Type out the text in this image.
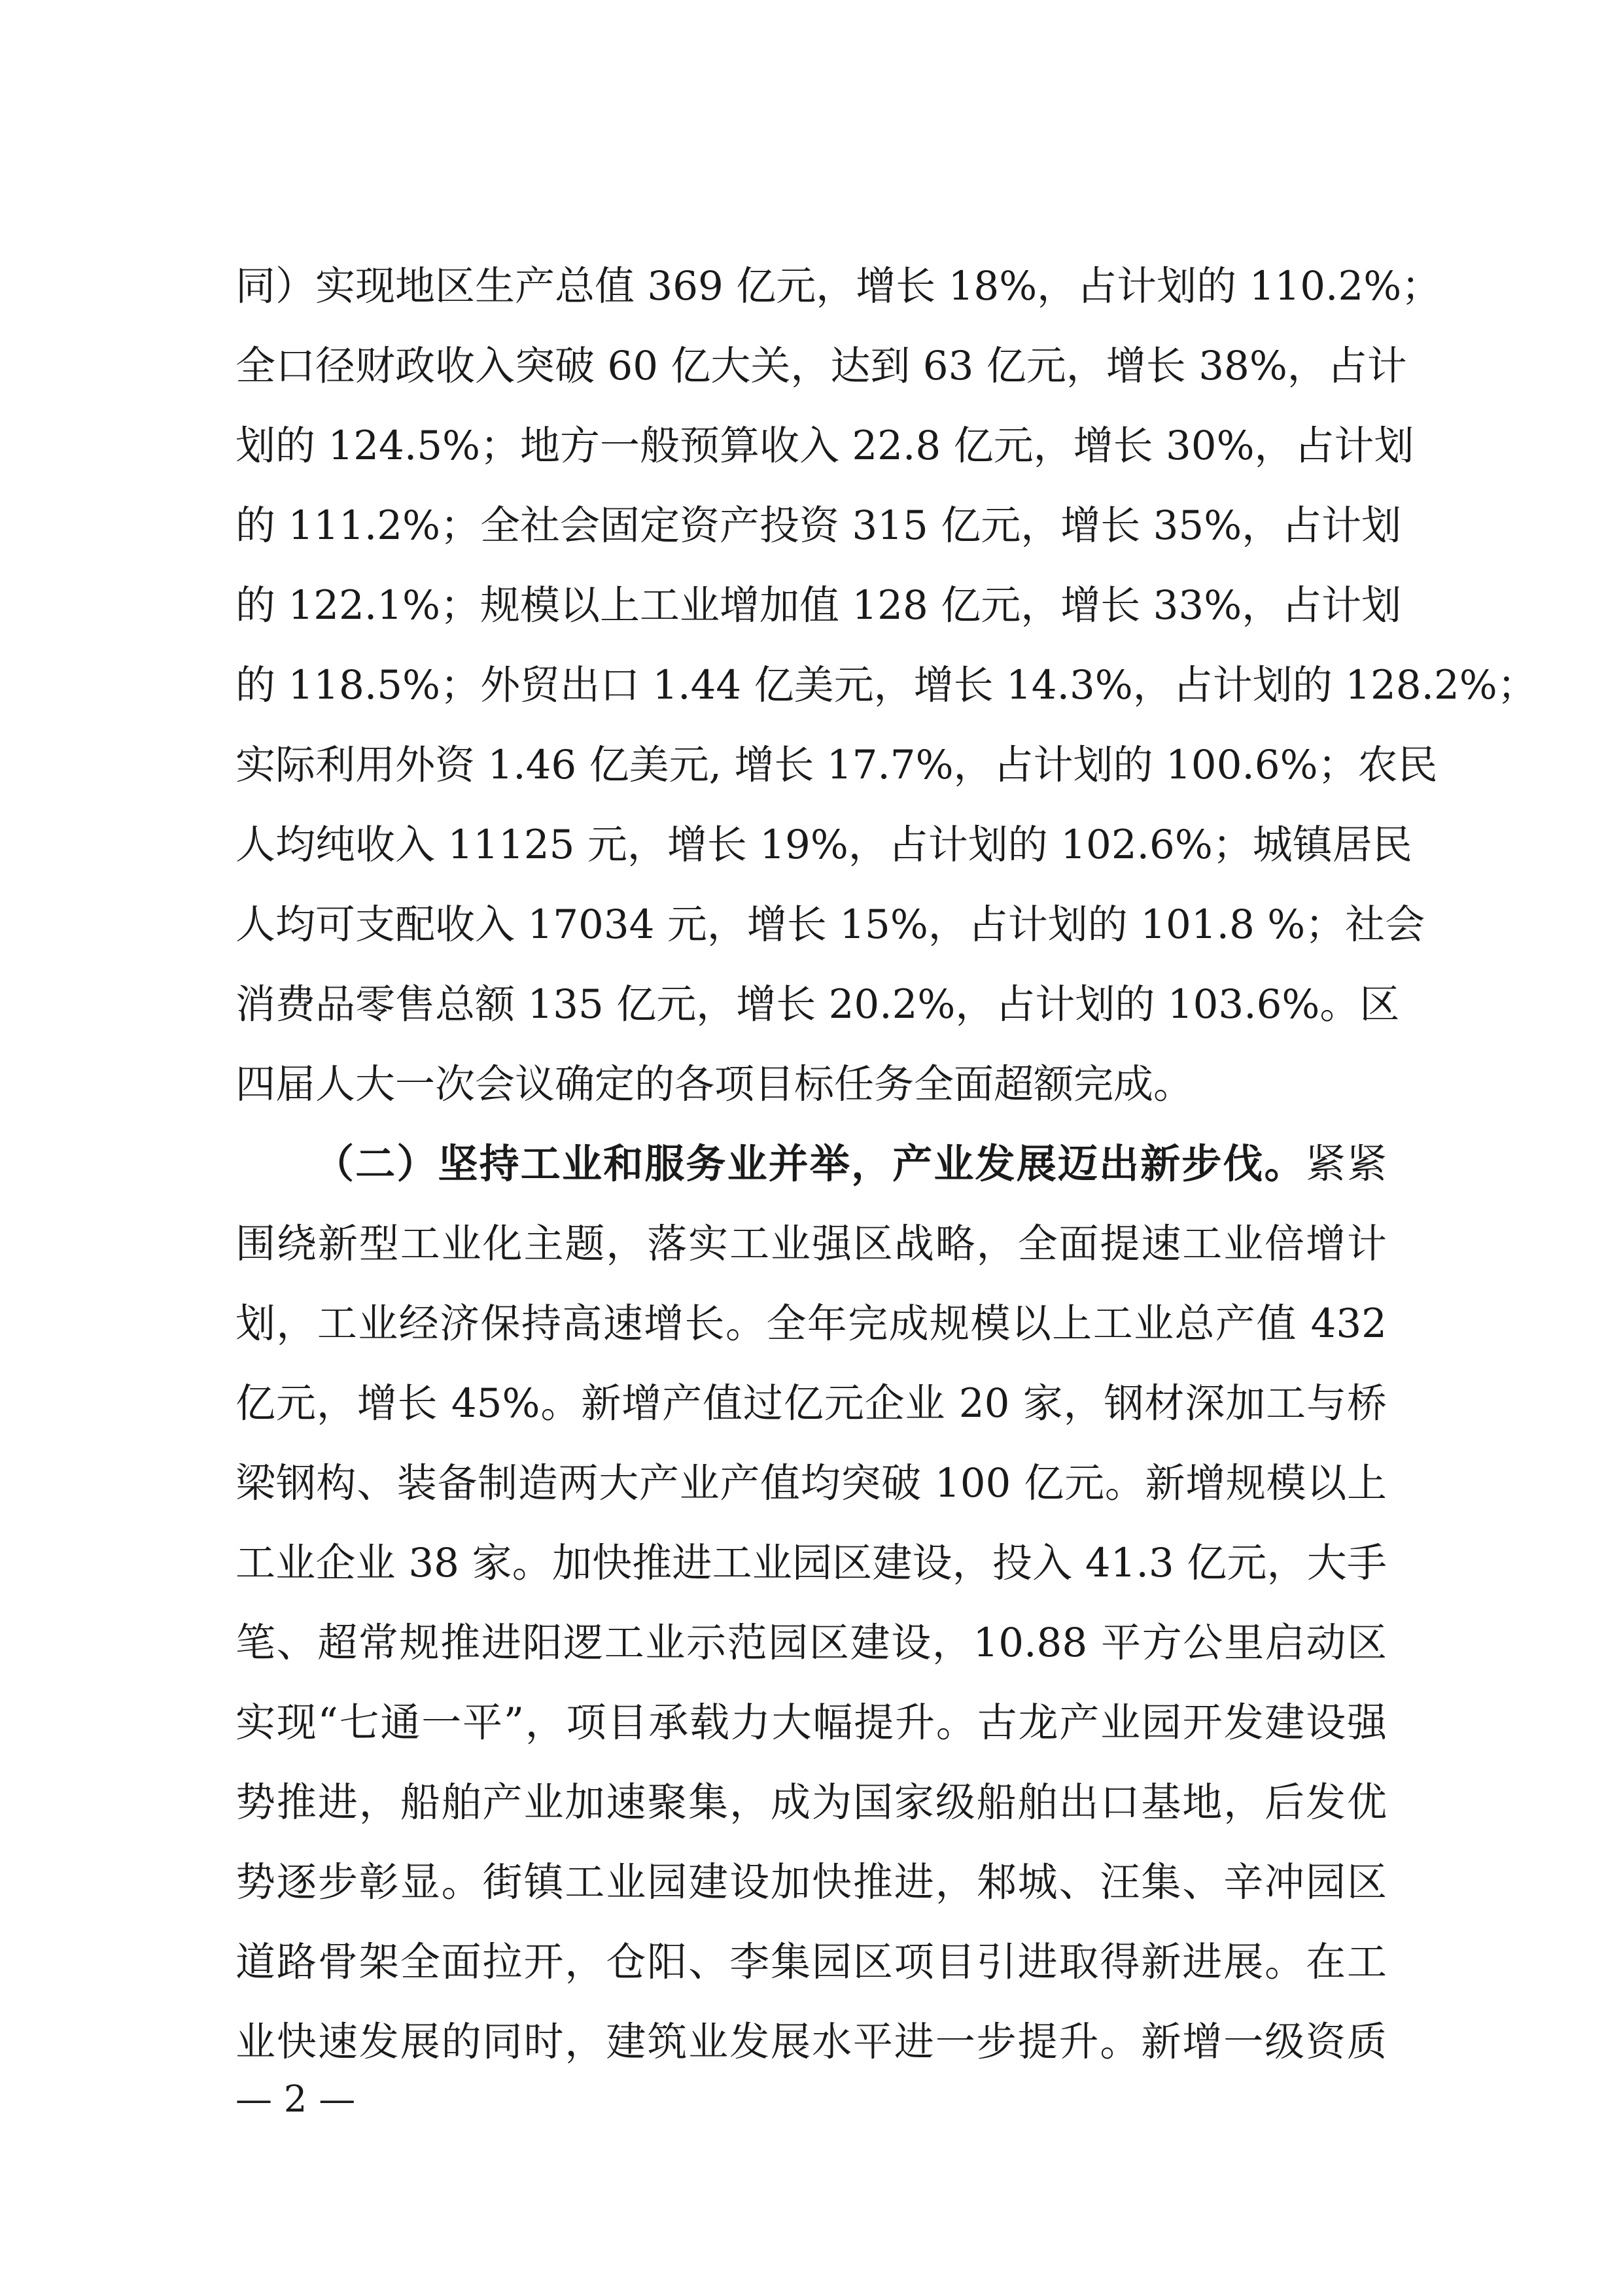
同）实现地区生产总值 369 亿元，增长 18%，占计划的 110.2%；
全口径财政收入突破 60 亿大关，达到 63 亿元，增长 38%，占计
划的 124.5%；地方一般预算收入 22.8 亿元，增长 30%，占计划
的 111.2%；全社会固定资产投资 315 亿元，增长 35%，占计划
的 122.1%；规模以上工业增加值 128 亿元，增长 33%，占计划
的 118.5%；外贸出口 1.44 亿美元，增长 14.3%，占计划的 128.2%；
实际利用外资 1.46 亿美元, 增长 17.7%，占计划的 100.6%；农民
人均纯收入 11125 元，增长 19%，占计划的 102.6%；城镇居民
人均可支配收入 17034 元，增长 15%，占计划的 101.8 %；社会
消费品零售总额 135 亿元，增长 20.2%，占计划的 103.6%。区
四届人大一次会议确定的各项目标任务全面超额完成。
（二）坚持工业和服务业并举，产业发展迈出新步伐。紧紧
围绕新型工业化主题，落实工业强区战略，全面提速工业倍增计
划，工业经济保持高速增长。全年完成规模以上工业总产值 432
亿元，增长 45%。新增产值过亿元企业 20 家，钢材深加工与桥
梁钢构、装备制造两大产业产值均突破 100 亿元。新增规模以上
工业企业 38 家。加快推进工业园区建设，投入 41.3 亿元，大手
笔、超常规推进阳逻工业示范园区建设，10.88 平方公里启动区
实现“七通一平”，项目承载力大幅提升。古龙产业园开发建设强
势推进，船舶产业加速聚集，成为国家级船舶出口基地，后发优
势逐步彰显。街镇工业园建设加快推进，邾城、汪集、辛冲园区
道路骨架全面拉开，仓阳、李集园区项目引进取得新进展。在工
业快速发展的同时，建筑业发展水平进一步提升。新增一级资质
— 2 —
